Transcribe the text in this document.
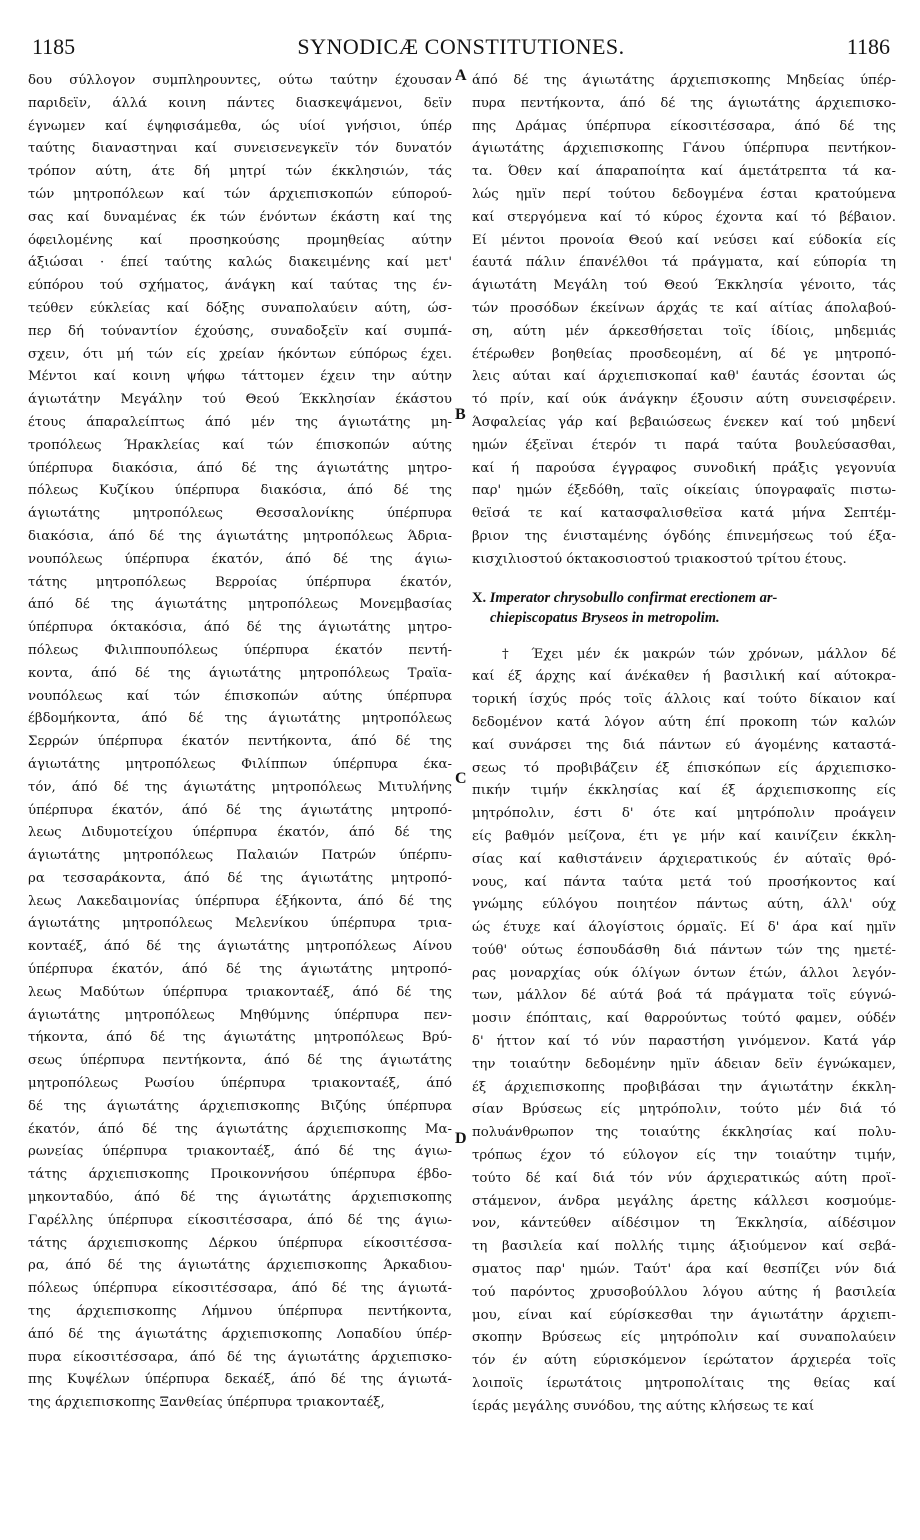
1185	SYNODICÆ CONSTITUTIONES.	1186
A
B
C
D
δου σύλλογον συμπληρουντες, ούτω ταύτην έχουσαν
παριδεϊν, άλλά κοινη πάντες διασκεψάμενοι, δεϊν
έγνωμεν καί έψηφισάμεθα, ώς υίοί γνήσιοι, ύπέρ
ταύτης διαναστηναι καί συνεισενεγκεϊν τόν δυνατόν
τρόπον αύτη, άτε δή μητρί τών έκκλησιών, τάς
τών μητροπόλεων καί τών άρχιεπισκοπών εύπορού-
σας καί δυναμένας έκ τών ένόντων έκάστη καί της
όφειλομένης καί προσηκούσης προμηθείας αύτην
άξιώσαι · έπεί ταύτης καλώς διακειμένης καί μετ'
εύπόρου τού σχήματος, άνάγκη καί ταύτας της έν-
τεύθεν εύκλείας καί δόξης συναπολαύειν αύτη, ώσ-
περ δή τούναντίον έχούσης, συναδοξεϊν καί συμπά-
σχειν, ότι μή τών είς χρείαν ήκόντων εύπόρως έχει.
Μέντοι καί κοινη ψήφω τάττομεν έχειν την αύτην
άγιωτάτην Μεγάλην τού Θεού Έκκλησίαν έκάστου
έτους άπαραλείπτως άπό μέν της άγιωτάτης μη-
τροπόλεως Ήρακλείας καί τών έπισκοπών αύτης
ύπέρπυρα διακόσια, άπό δέ της άγιωτάτης μητρο-
πόλεως Κυζίκου ύπέρπυρα διακόσια, άπό δέ της
άγιωτάτης μητροπόλεως Θεσσαλονίκης ύπέρπυρα
διακόσια, άπό δέ της άγιωτάτης μητροπόλεως Άδρια-
νουπόλεως ύπέρπυρα έκατόν, άπό δέ της άγιω-
τάτης μητροπόλεως Βερροίας ύπέρπυρα έκατόν,
άπό δέ της άγιωτάτης μητροπόλεως Μονεμβασίας
ύπέρπυρα όκτακόσια, άπό δέ της άγιωτάτης μητρο-
πόλεως Φιλιππουπόλεως ύπέρπυρα έκατόν πεντή-
κοντα, άπό δέ της άγιωτάτης μητροπόλεως Τραϊα-
νουπόλεως καί τών έπισκοπών αύτης ύπέρπυρα
έβδομήκοντα, άπό δέ της άγιωτάτης μητροπόλεως
Σερρών ύπέρπυρα έκατόν πεντήκοντα, άπό δέ της
άγιωτάτης μητροπόλεως Φιλίππων ύπέρπυρα έκα-
τόν, άπό δέ της άγιωτάτης μητροπόλεως Μιτυλήνης
ύπέρπυρα έκατόν, άπό δέ της άγιωτάτης μητροπό-
λεως Διδυμοτείχου ύπέρπυρα έκατόν, άπό δέ της
άγιωτάτης μητροπόλεως Παλαιών Πατρών ύπέρπυ-
ρα τεσσαράκοντα, άπό δέ της άγιωτάτης μητροπό-
λεως Λακεδαιμονίας ύπέρπυρα έξήκοντα, άπό δέ της
άγιωτάτης μητροπόλεως Μελενίκου ύπέρπυρα τρια-
κονταέξ, άπό δέ της άγιωτάτης μητροπόλεως Αίνου
ύπέρπυρα έκατόν, άπό δέ της άγιωτάτης μητροπό-
λεως Μαδύτων ύπέρπυρα τριακονταέξ, άπό δέ της
άγιωτάτης μητροπόλεως Μηθύμνης ύπέρπυρα πεν-
τήκοντα, άπό δέ της άγιωτάτης μητροπόλεως Βρύ-
σεως ύπέρπυρα πεντήκοντα, άπό δέ της άγιωτάτης
μητροπόλεως Ρωσίου ύπέρπυρα τριακονταέξ, άπό
δέ της άγιωτάτης άρχιεπισκοπης Βιζύης ύπέρπυρα
έκατόν, άπό δέ της άγιωτάτης άρχιεπισκοπης Μα-
ρωνείας ύπέρπυρα τριακονταέξ, άπό δέ της άγιω-
τάτης άρχιεπισκοπης Προικοννήσου ύπέρπυρα έβδο-
μηκονταδύο, άπό δέ της άγιωτάτης άρχιεπισκοπης
Γαρέλλης ύπέρπυρα είκοσιτέσσαρα, άπό δέ της άγιω-
τάτης άρχιεπισκοπης Δέρκου ύπέρπυρα είκοσιτέσσα-
ρα, άπό δέ της άγιωτάτης άρχιεπισκοπης Άρκαδιου-
πόλεως ύπέρπυρα είκοσιτέσσαρα, άπό δέ της άγιωτά-
της άρχιεπισκοπης Λήμνου ύπέρπυρα πεντήκοντα,
άπό δέ της άγιωτάτης άρχιεπισκοπης Λοπαδίου ύπέρ-
πυρα είκοσιτέσσαρα, άπό δέ της άγιωτάτης άρχιεπισκο-
πης Κυψέλων ύπέρπυρα δεκαέξ, άπό δέ της άγιωτά-
της άρχιεπισκοπης Ξανθείας ύπέρπυρα τριακονταέξ,
άπό δέ της άγιωτάτης άρχιεπισκοπης Μηδείας ύπέρ-
πυρα πεντήκοντα, άπό δέ της άγιωτάτης άρχιεπισκο-
πης Δράμας ύπέρπυρα είκοσιτέσσαρα, άπό δέ της
άγιωτάτης άρχιεπισκοπης Γάνου ύπέρπυρα πεντήκον-
τα. Όθεν καί άπαραποίητα καί άμετάτρεπτα τά κα-
λώς ημϊν περί τούτου δεδογμένα έσται κρατούμενα
καί στεργόμενα καί τό κύρος έχοντα καί τό βέβαιον.
Εί μέντοι προνοία Θεού καί νεύσει καί εύδοκία είς
έαυτά πάλιν έπανέλθοι τά πράγματα, καί εύπορία τη
άγιωτάτη Μεγάλη τού Θεού Έκκλησία γένοιτο, τάς
τών προσόδων έκείνων άρχάς τε καί αίτίας άπολαβού-
ση, αύτη μέν άρκεσθήσεται τοϊς ίδίοις, μηδεμιάς
έτέρωθεν βοηθείας προσδεομένη, αί δέ γε μητροπό-
λεις αύται καί άρχιεπισκοπαί καθ' έαυτάς έσονται ώς
τό πρίν, καί ούκ άνάγκην έξουσιν αύτη συνεισφέρειν.
Άσφαλείας γάρ καί βεβαιώσεως ένεκεν καί τού μηδενί
ημών έξεϊναι έτερόν τι παρά ταύτα βουλεύσασθαι,
καί ή παρούσα έγγραφος συνοδική πράξις γεγονυία
παρ' ημών έξεδόθη, ταϊς οίκείαις ύπογραφαϊς πιστω-
θεϊσά τε καί κατασφαλισθεϊσα κατά μήνα Σεπτέμ-
βριον της ένισταμένης όγδόης έπινεμήσεως τού έξα-
κισχιλιοστού όκτακοσιοστού τριακοστού τρίτου έτους.
X. Imperator chrysobullo confirmat erectionem ar-
chiepiscopatus Bryseos in metropolim.
† Έχει μέν έκ μακρών τών χρόνων, μάλλον δέ
καί έξ άρχης καί άνέκαθεν ή βασιλική καί αύτοκρα-
τορική ίσχύς πρός τοϊς άλλοις καί τούτο δίκαιον καί
δεδομένον κατά λόγον αύτη έπί προκοπη τών καλών
καί συνάρσει της διά πάντων εύ άγομένης καταστά-
σεως τό προβιβάζειν έξ έπισκόπων είς άρχιεπισκο-
πικήν τιμήν έκκλησίας καί έξ άρχιεπισκοπης είς
μητρόπολιν, έστι δ' ότε καί μητρόπολιν προάγειν
είς βαθμόν μείζονα, έτι γε μήν καί καινίζειν έκκλη-
σίας καί καθιστάνειν άρχιερατικούς έν αύταϊς θρό-
νους, καί πάντα ταύτα μετά τού προσήκοντος καί
γνώμης εύλόγου ποιητέον πάντως αύτη, άλλ' ούχ
ώς έτυχε καί άλογίστοις όρμαϊς. Εί δ' άρα καί ημϊν
τούθ' ούτως έσπουδάσθη διά πάντων τών της ημετέ-
ρας μοναρχίας ούκ όλίγων όντων έτών, άλλοι λεγόν-
των, μάλλον δέ αύτά βοά τά πράγματα τοϊς εύγνώ-
μοσιν έπόπταις, καί θαρρούντως τούτό φαμεν, ούδέν
δ' ήττον καί τό νύν παραστήση γινόμενον. Κατά γάρ
την τοιαύτην δεδομένην ημϊν άδειαν δεϊν έγνώκαμεν,
έξ άρχιεπισκοπης προβιβάσαι την άγιωτάτην έκκλη-
σίαν Βρύσεως είς μητρόπολιν, τούτο μέν διά τό
πολυάνθρωπον της τοιαύτης έκκλησίας καί πολυ-
τρόπως έχον τό εύλογον είς την τοιαύτην τιμήν,
τούτο δέ καί διά τόν νύν άρχιερατικώς αύτη προϊ-
στάμενον, άνδρα μεγάλης άρετης κάλλεσι κοσμούμε-
νον, κάντεύθεν αίδέσιμον τη Έκκλησία, αίδέσιμον
τη βασιλεία καί πολλής τιμης άξιούμενον καί σεβά-
σματος παρ' ημών. Ταύτ' άρα καί θεσπίζει νύν διά
τού παρόντος χρυσοβούλλου λόγου αύτης ή βασιλεία
μου, είναι καί εύρίσκεσθαι την άγιωτάτην άρχιεπι-
σκοπην Βρύσεως είς μητρόπολιν καί συναπολαύειν
τόν έν αύτη εύρισκόμενον ίερώτατον άρχιερέα τοϊς
λοιποϊς ίερωτάτοις μητροπολίταις της θείας καί
ίεράς μεγάλης συνόδου, της αύτης κλήσεως τε καί
